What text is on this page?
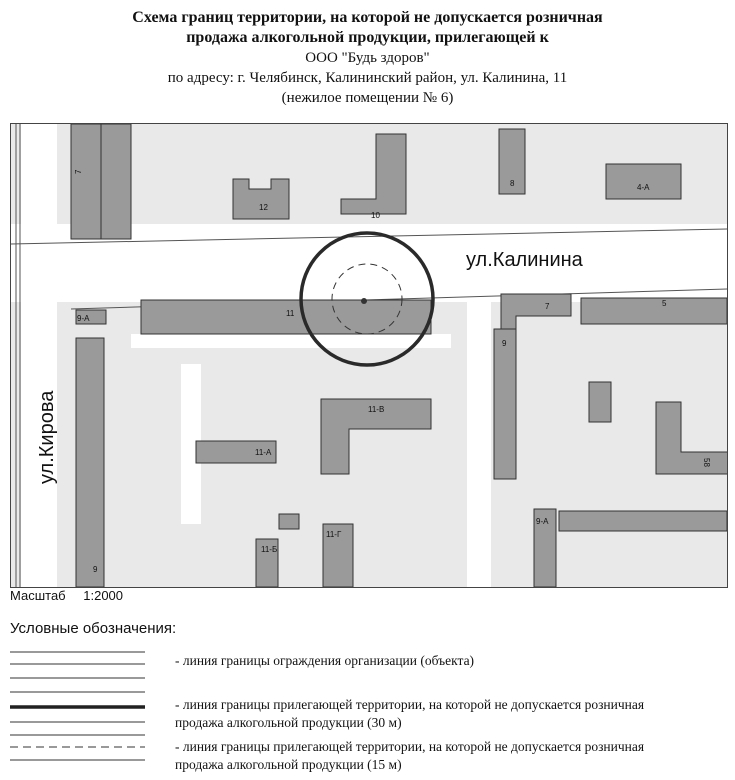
Схема границ территории, на которой не допускается розничная
продажа алкогольной продукции, прилегающей к
ООО "Будь здоров"
по адресу: г. Челябинск, Калининский район, ул. Калинина, 11
(нежилое помещении № 6)
7
12
10
8	4-А
9-А
11
7	5
9
11-В
11-А
58
9
11-Б
11-Г
9-А
ул.Калинина
ул.Кирова
Масштаб 1:2000
Условные обозначения:
- линия границы ограждения организации (объекта)
- линия границы прилегающей территории, на которой не допускается розничная
продажа алкогольной продукции (30 м)
- линия границы прилегающей территории, на которой не допускается розничная
продажа алкогольной продукции (15 м)
